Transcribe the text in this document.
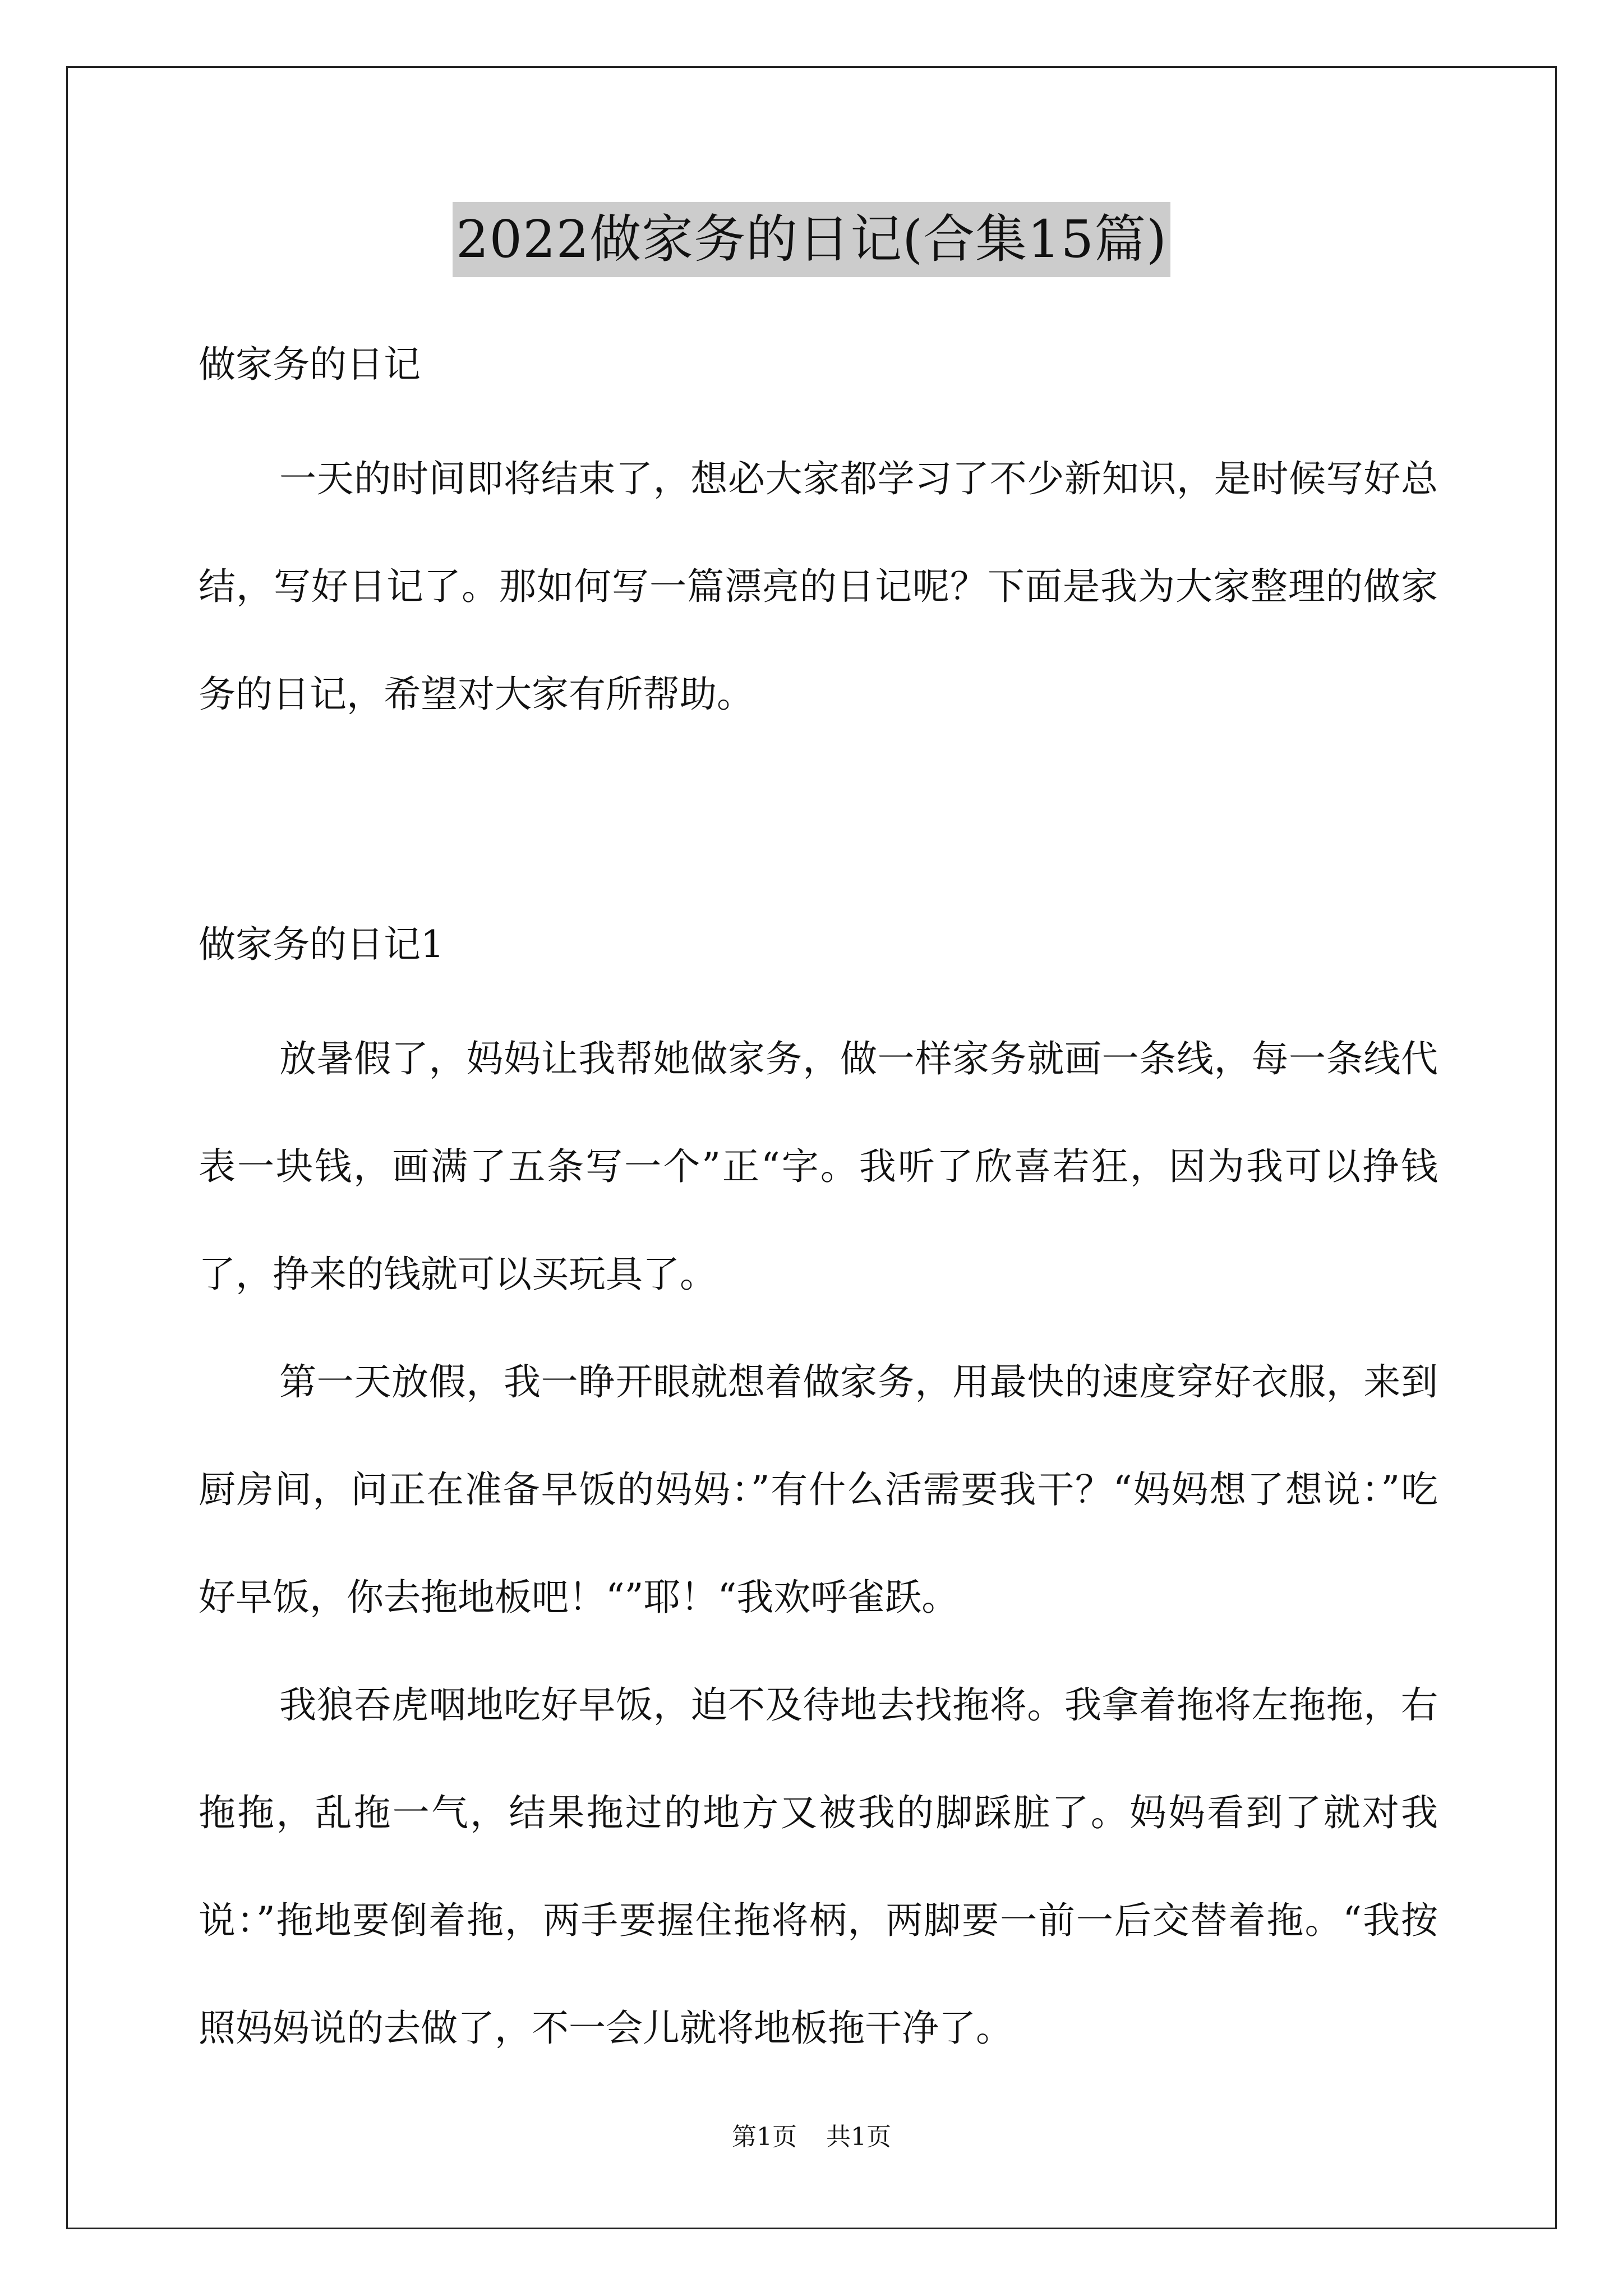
2022做家务的日记(合集15篇)

做家务的日记

一天的时间即将结束了，想必大家都学习了不少新知识，是时候写好总结，写好日记了。那如何写一篇漂亮的日记呢？下面是我为大家整理的做家务的日记，希望对大家有所帮助。

做家务的日记1

放暑假了，妈妈让我帮她做家务，做一样家务就画一条线，每一条线代表一块钱，画满了五条写一个”正“字。我听了欣喜若狂，因为我可以挣钱了，挣来的钱就可以买玩具了。

第一天放假，我一睁开眼就想着做家务，用最快的速度穿好衣服，来到厨房间，问正在准备早饭的妈妈：”有什么活需要我干？“妈妈想了想说：”吃好早饭，你去拖地板吧！“”耶！“我欢呼雀跃。

我狼吞虎咽地吃好早饭，迫不及待地去找拖将。我拿着拖将左拖拖，右拖拖，乱拖一气，结果拖过的地方又被我的脚踩脏了。妈妈看到了就对我说：”拖地要倒着拖，两手要握住拖将柄，两脚要一前一后交替着拖。“我按照妈妈说的去做了，不一会儿就将地板拖干净了。

第1页 共1页
